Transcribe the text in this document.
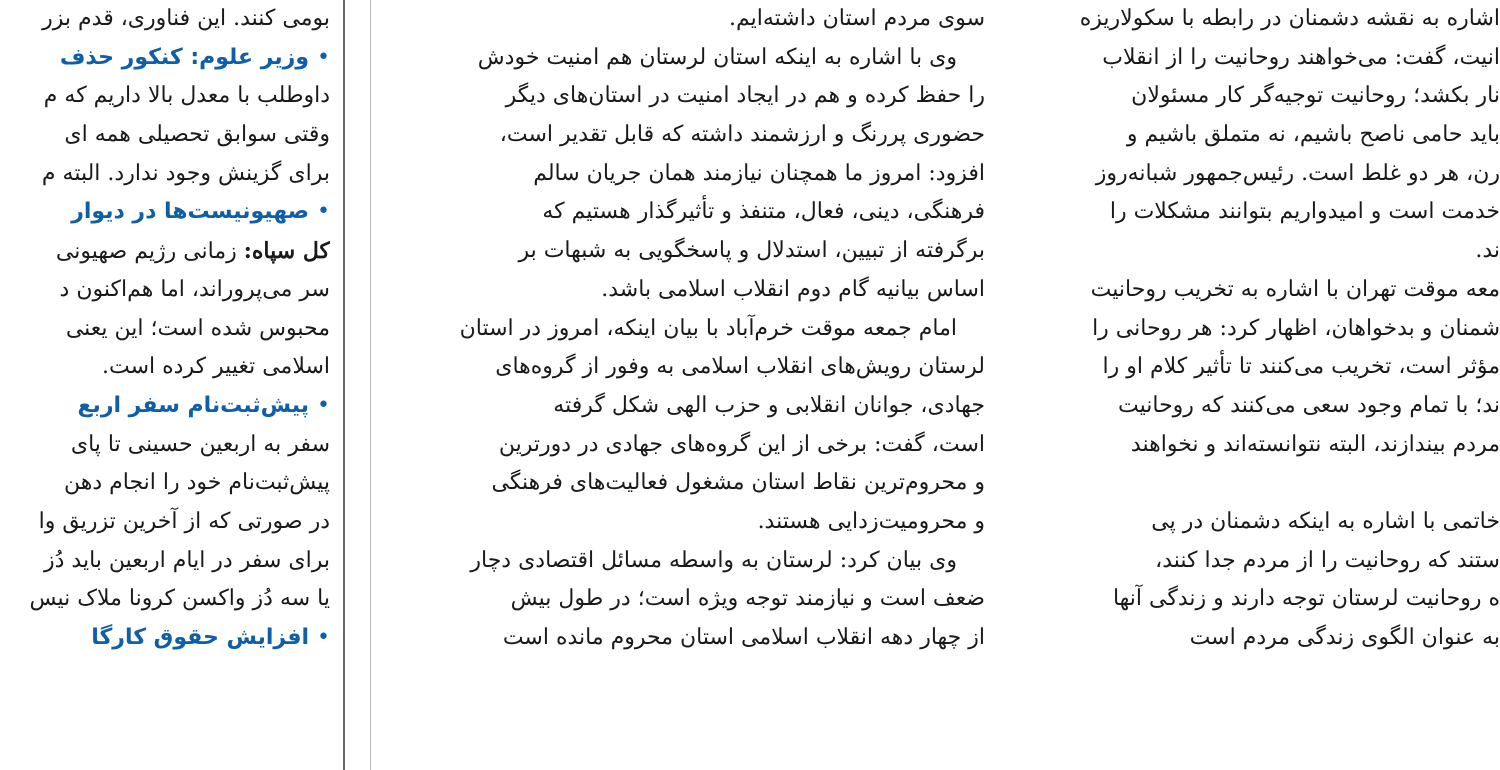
بومی کنند. این فناوری، قدم بزر
•وزیر علوم: کنکور حذف
داوطلب با معدل بالا داریم که م
وقتی سوابق تحصیلی همه ای
برای گزینش وجود ندارد. البته م
•صهیونیست‌ها در دیوار
کل سپاه: زمانی رژیم صهیونی
سر می‌پروراند، اما هم‌اکنون د
محبوس شده است؛ این یعنی
اسلامی تغییر کرده است.
•پیش‌ثبت‌نام سفر اربع
سفر به اربعین حسینی تا پای
پیش‌ثبت‌نام خود را انجام دهن
در صورتی که از آخرین تزریق وا
برای سفر در ایام اربعین باید دُز
یا سه دُز واکسن کرونا ملاک نیس
•افزایش حقوق کارگا
سوی مردم استان داشته‌ایم.
وی با اشاره به اینکه استان لرستان هم امنیت خودش
را حفظ کرده و هم در ایجاد امنیت در استان‌های دیگر
حضوری پررنگ و ارزشمند داشته که قابل تقدیر است،
افزود: امروز ما همچنان نیازمند همان جریان سالم
فرهنگی، دینی، فعال، متنفذ و تأثیرگذار هستیم که
برگرفته از تبیین، استدلال و پاسخگویی به شبهات بر
اساس بیانیه گام دوم انقلاب اسلامی باشد.
امام جمعه موقت خرم‌آباد با بیان اینکه، امروز در استان
لرستان رویش‌های انقلاب اسلامی به وفور از گروه‌های
جهادی، جوانان انقلابی و حزب الهی شکل گرفته
است، گفت: برخی از این گروه‌های جهادی در دورترین
و محروم‌ترین نقاط استان مشغول فعالیت‌های فرهنگی
و محرومیت‌زدایی هستند.
وی بیان کرد: لرستان به واسطه مسائل اقتصادی دچار
ضعف است و نیازمند توجه ویژه است؛ در طول بیش
از چهار دهه انقلاب اسلامی استان محروم مانده است
اشاره به نقشه دشمنان در رابطه با سکولاریزه
انیت، گفت: می‌خواهند روحانیت را از انقلاب
نار بکشد؛ روحانیت توجیه‌گر کار مسئولان
باید حامی ناصح باشیم، نه متملق باشیم و
رن، هر دو غلط است. رئیس‌جمهور شبانه‌روز
خدمت است و امیدواریم بتوانند مشکلات را
ند.
معه موقت تهران با اشاره به تخریب روحانیت
شمنان و بدخواهان، اظهار کرد: هر روحانی را
مؤثر است، تخریب می‌کنند تا تأثیر کلام او را
ند؛ با تمام وجود سعی می‌کنند که روحانیت
مردم بیندازند، البته نتوانسته‌اند و نخواهند
خاتمی با اشاره به اینکه دشمنان در پی
ستند که روحانیت را از مردم جدا کنند،
ه روحانیت لرستان توجه دارند و زندگی آنها
به عنوان الگوی زندگی مردم است
